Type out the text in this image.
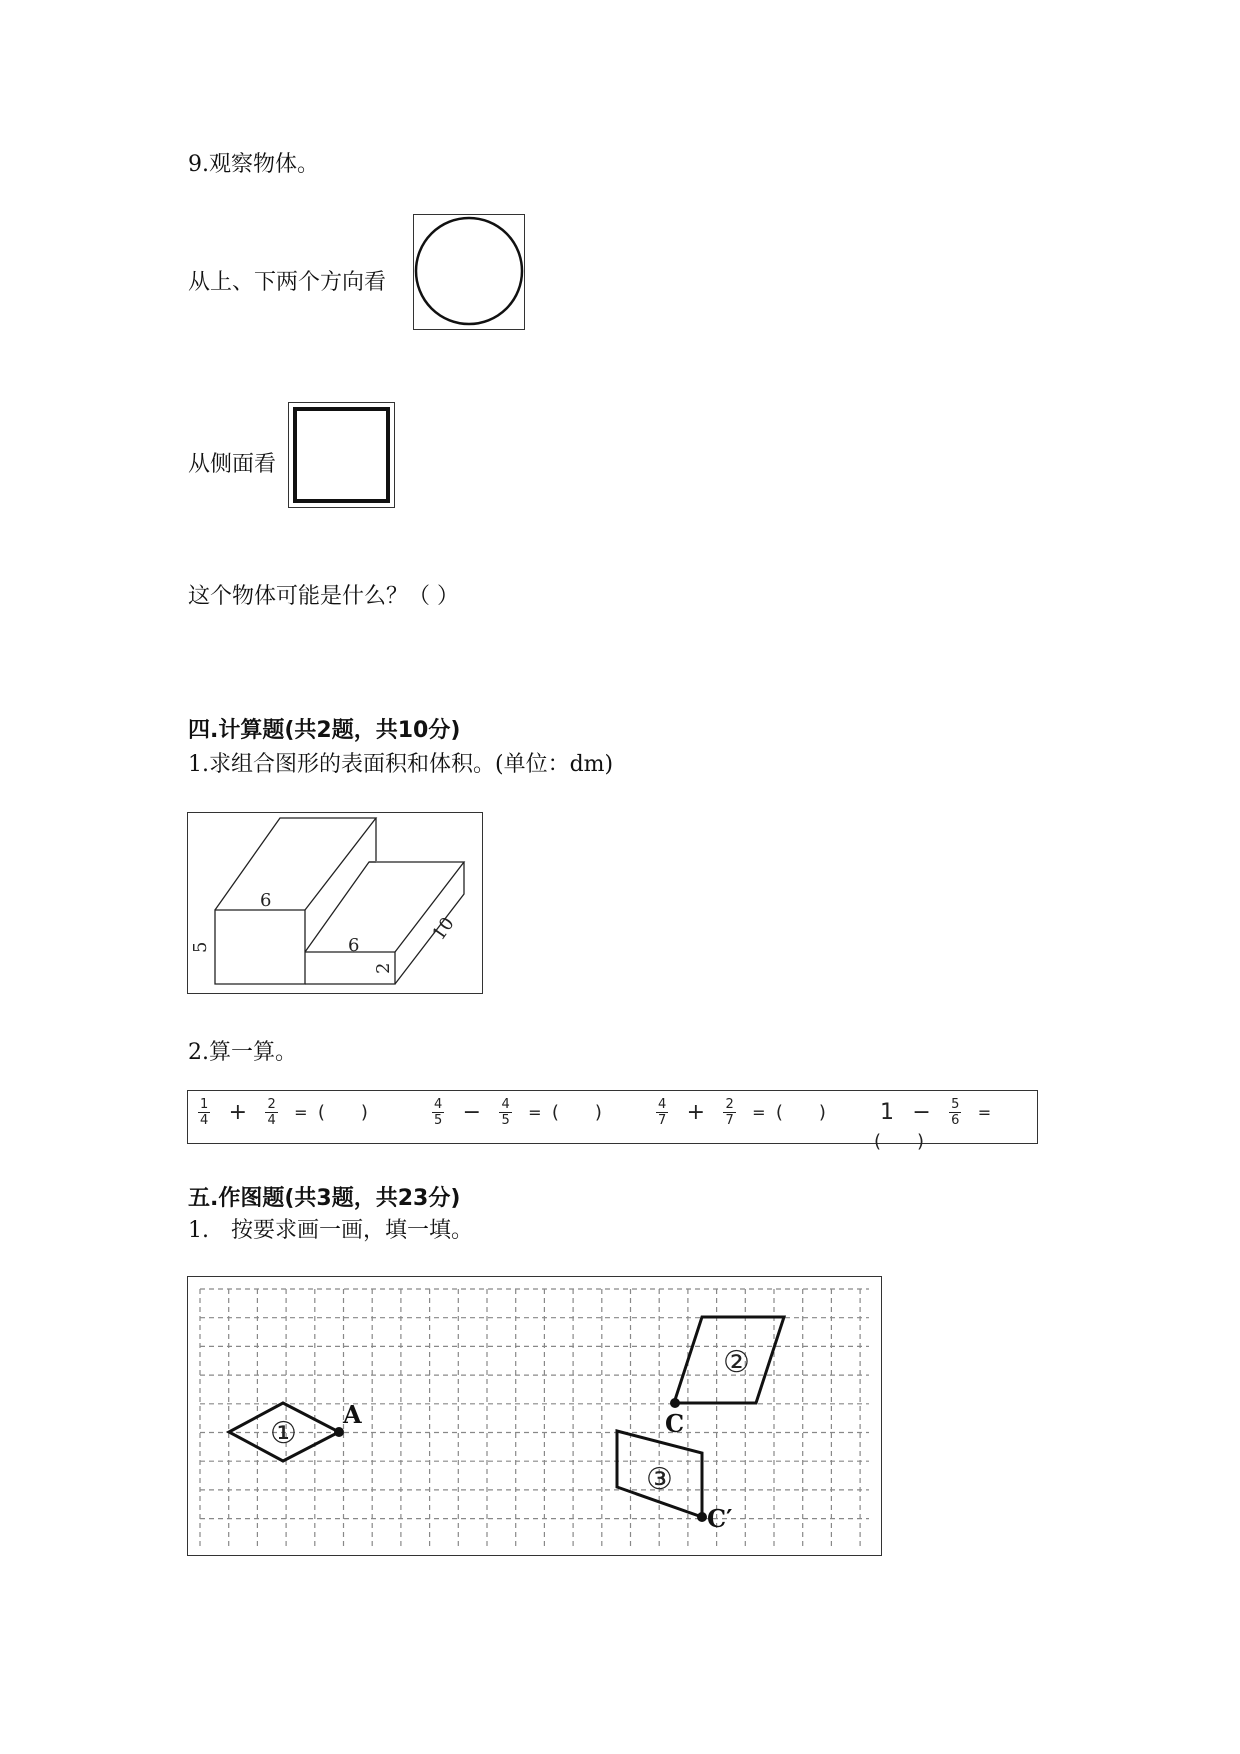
9.观察物体。
从上、下两个方向看
从侧面看
这个物体可能是什么？（ ）
四.计算题(共2题，共10分)
1.求组合图形的表面积和体积。(单位：dm)
6
5	6
2
10
2.算一算。
$\frac{1}{4} + \frac{2}{4}$ = ( )	$\frac{4}{5} - \frac{4}{5}$ = ( )	$\frac{4}{7} + \frac{2}{7}$ = ( ) $1 - \frac{5}{6}$ = ( )
五.作图题(共3题，共23分)
1.　按要求画一画，填一填。
①
②
③
A	C
C′
